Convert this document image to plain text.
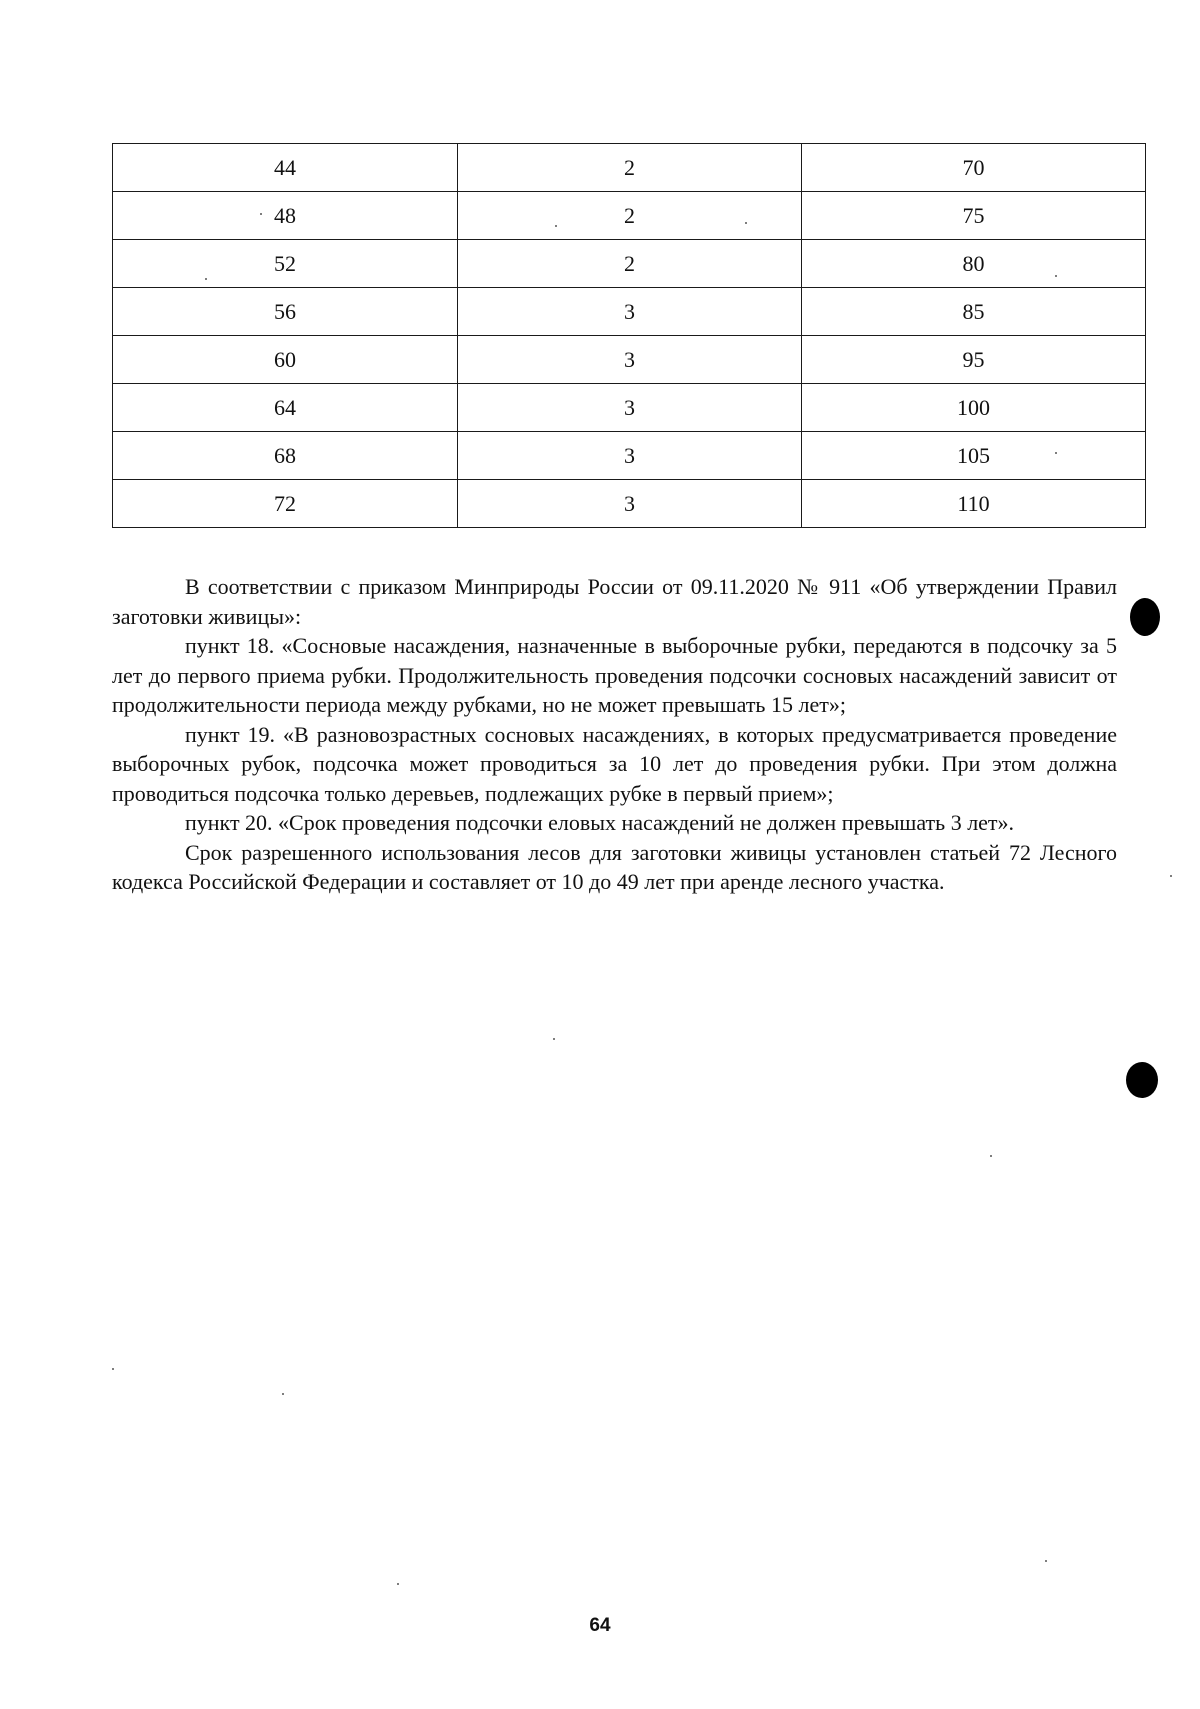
44	2	70
48	2	75
52	2	80
56	3	85
60	3	95
64	3	100
68	3	105
72	3	110

В соответствии с приказом Минприроды России от 09.11.2020 № 911 «Об утверждении Правил заготовки живицы»:

пункт 18. «Сосновые насаждения, назначенные в выборочные рубки, передаются в подсочку за 5 лет до первого приема рубки. Продолжительность проведения подсочки сосновых насаждений зависит от продолжительности периода между рубками, но не может превышать 15 лет»;

пункт 19. «В разновозрастных сосновых насаждениях, в которых предусматривается проведение выборочных рубок, подсочка может проводиться за 10 лет до проведения рубки. При этом должна проводиться подсочка только деревьев, подлежащих рубке в первый прием»;

пункт 20. «Срок проведения подсочки еловых насаждений не должен превышать 3 лет».

Срок разрешенного использования лесов для заготовки живицы установлен статьей 72 Лесного кодекса Российской Федерации и составляет от 10 до 49 лет при аренде лесного участка.

64
